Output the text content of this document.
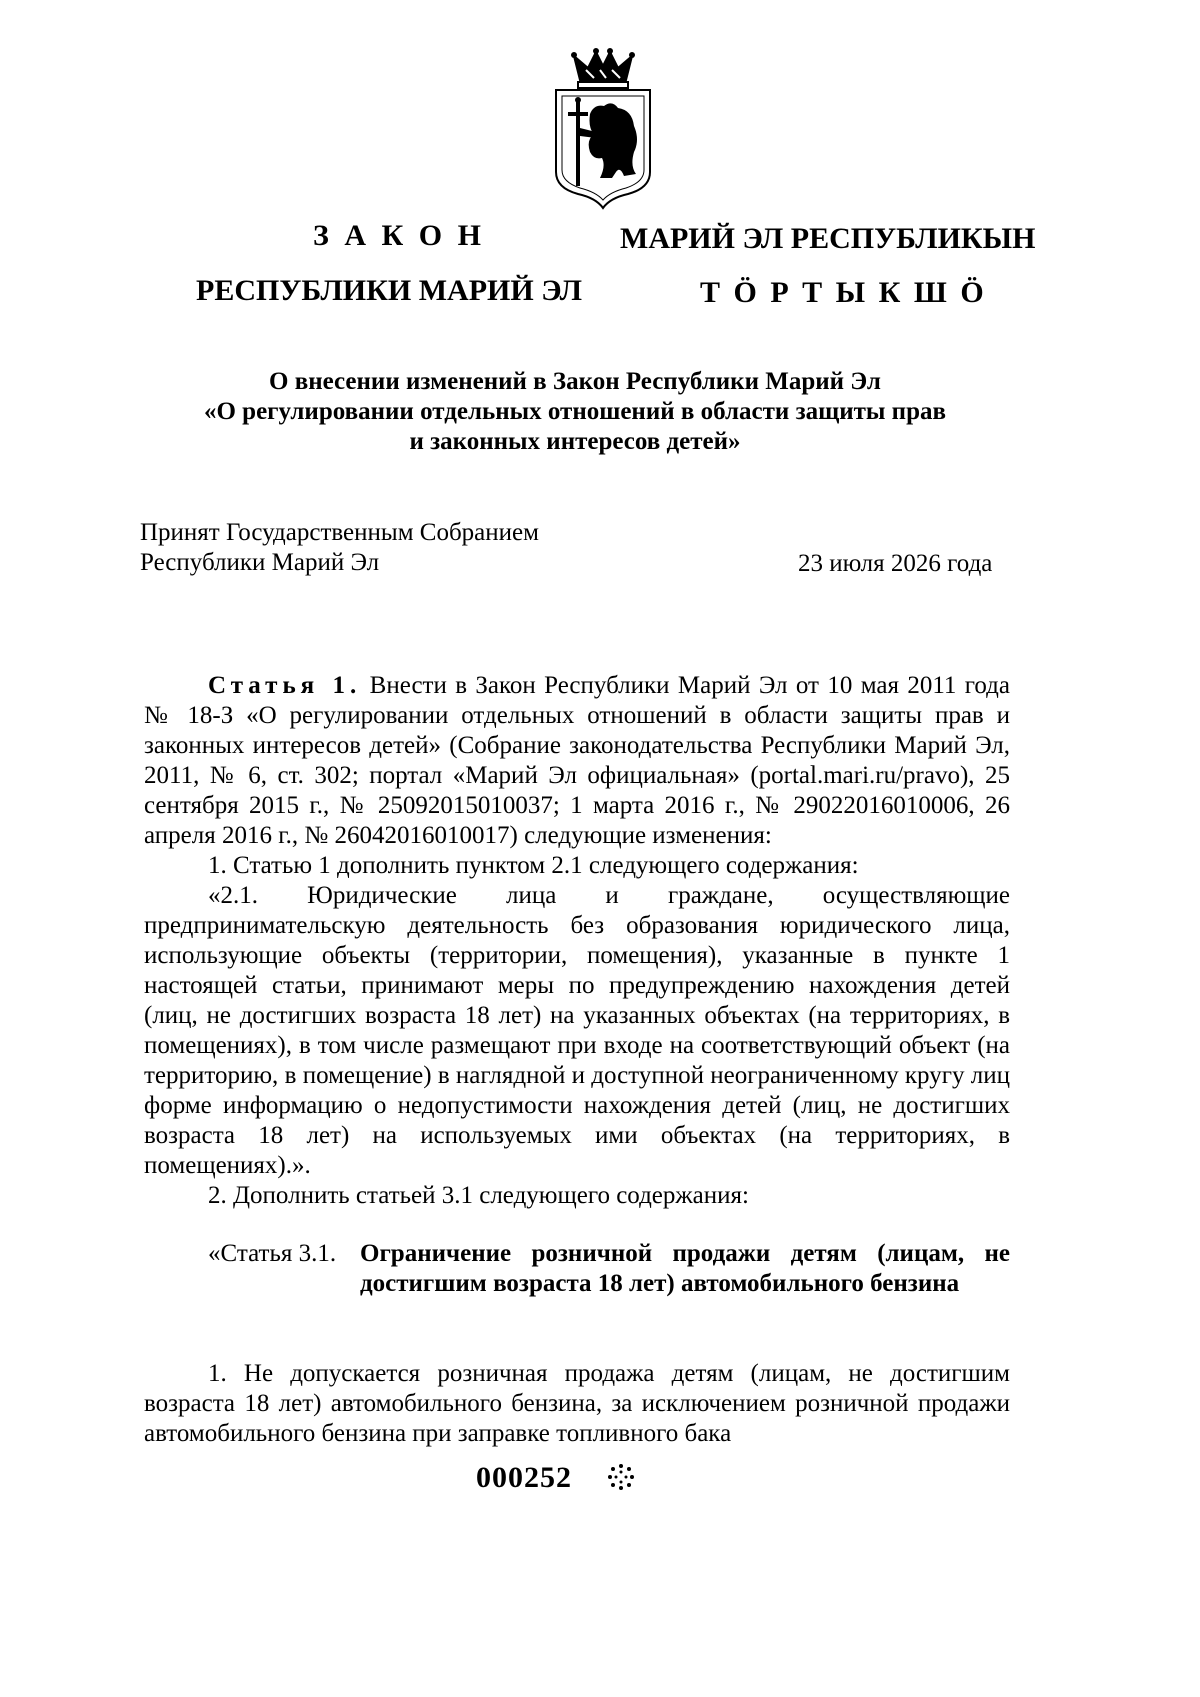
З А К О Н
РЕСПУБЛИКИ МАРИЙ ЭЛ
МАРИЙ ЭЛ РЕСПУБЛИКЫН
Т Ö Р Т Ы К Ш Ö
О внесении изменений в Закон Республики Марий Эл
«О регулировании отдельных отношений в области защиты прав
и законных интересов детей»
Принят Государственным Собранием
Республики Марий Эл	23 июля 2026 года

Статья 1. Внести в Закон Республики Марий Эл от 10 мая 2011 года № 18-З «О регулировании отдельных отношений в области защиты прав и законных интересов детей» (Собрание законодательства Республики Марий Эл, 2011, № 6, ст. 302; портал «Марий Эл официальная» (portal.mari.ru/pravo), 25 сентября 2015 г., № 25092015010037; 1 марта 2016 г., № 29022016010006, 26 апреля 2016 г., № 26042016010017) следующие изменения:

1. Статью 1 дополнить пунктом 2.1 следующего содержания:

«2.1. Юридические лица и граждане, осуществляющие предпринимательскую деятельность без образования юридического лица, использующие объекты (территории, помещения), указанные в пункте 1 настоящей статьи, принимают меры по предупреждению нахождения детей (лиц, не достигших возраста 18 лет) на указанных объектах (на территориях, в помещениях), в том числе размещают при входе на соответствующий объект (на территорию, в помещение) в наглядной и доступной неограниченному кругу лиц форме информацию о недопустимости нахождения детей (лиц, не достигших возраста 18 лет) на используемых ими объектах (на территориях, в помещениях).».

2. Дополнить статьей 3.1 следующего содержания:

«Статья 3.1. Ограничение розничной продажи детям (лицам, не достигшим возраста 18 лет) автомобильного бензина

1. Не допускается розничная продажа детям (лицам, не достигшим возраста 18 лет) автомобильного бензина, за исключением розничной продажи автомобильного бензина при заправке топливного бака

000252
